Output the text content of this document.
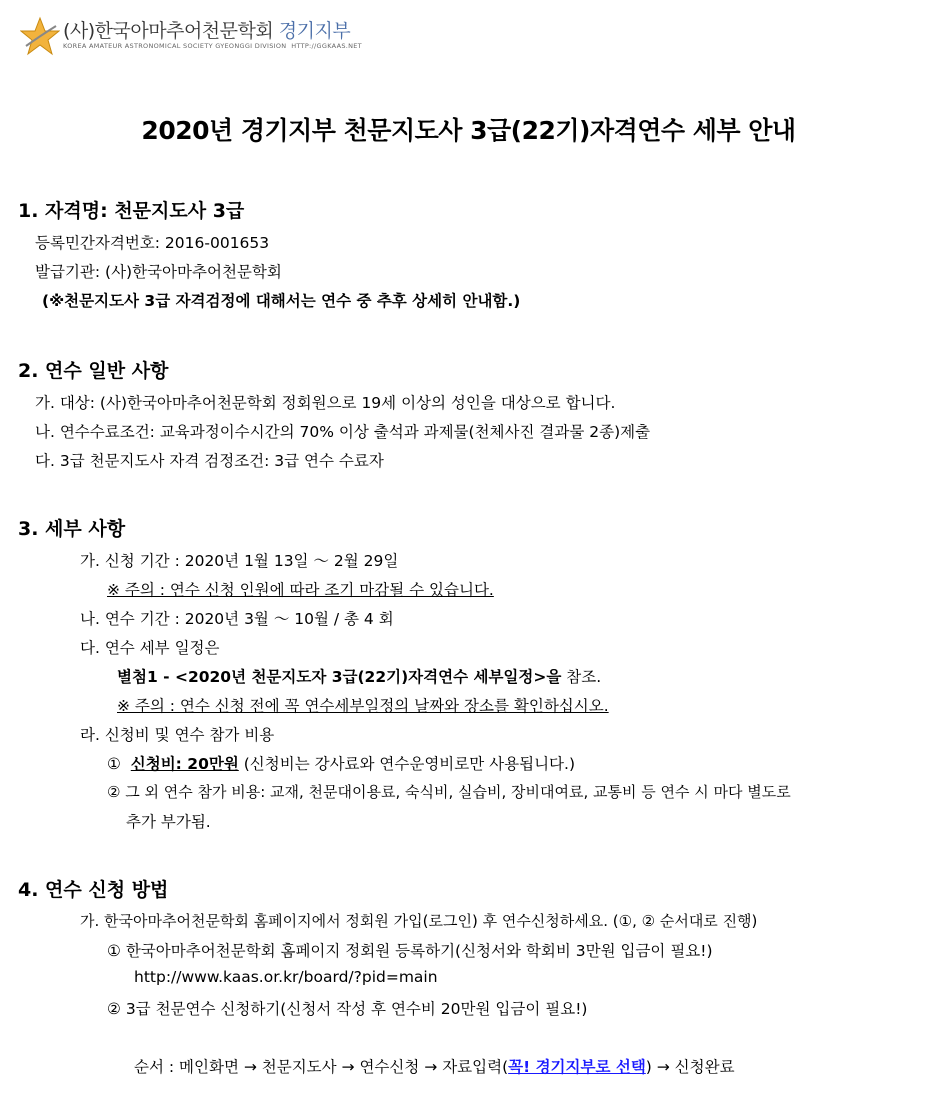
(사)한국아마추어천문학회 경기지부
KOREA AMATEUR ASTRONOMICAL SOCIETY GYEONGGI DIVISION HTTP://GGKAAS.NET
2020년 경기지부 천문지도사 3급(22기)자격연수 세부 안내
1. 자격명: 천문지도사 3급
등록민간자격번호: 2016-001653
발급기관: (사)한국아마추어천문학회
(※천문지도사 3급 자격검정에 대해서는 연수 중 추후 상세히 안내함.)
2. 연수 일반 사항
가. 대상: (사)한국아마추어천문학회 정회원으로 19세 이상의 성인을 대상으로 합니다.
나. 연수수료조건: 교육과정이수시간의 70% 이상 출석과 과제물(천체사진 결과물 2종)제출
다. 3급 천문지도사 자격 검정조건: 3급 연수 수료자
3. 세부 사항
가. 신청 기간 : 2020년 1월 13일 ～ 2월 29일
※ 주의 : 연수 신청 인원에 따라 조기 마감될 수 있습니다.
나. 연수 기간 : 2020년 3월 ～ 10월 / 총 4 회
다. 연수 세부 일정은
별첨1 - <2020년 천문지도자 3급(22기)자격연수 세부일정>을 참조.
※ 주의 : 연수 신청 전에 꼭 연수세부일정의 날짜와 장소를 확인하십시오.
라. 신청비 및 연수 참가 비용
① 신청비: 20만원 (신청비는 강사료와 연수운영비로만 사용됩니다.)
② 그 외 연수 참가 비용: 교재, 천문대이용료, 숙식비, 실습비, 장비대여료, 교통비 등 연수 시 마다 별도로
추가 부가됨.
4. 연수 신청 방법
가. 한국아마추어천문학회 홈페이지에서 정회원 가입(로그인) 후 연수신청하세요. (①, ② 순서대로 진행)
① 한국아마추어천문학회 홈페이지 정회원 등록하기(신청서와 학회비 3만원 입금이 필요!)
http://www.kaas.or.kr/board/?pid=main
② 3급 천문연수 신청하기(신청서 작성 후 연수비 20만원 입금이 필요!)
순서 : 메인화면 → 천문지도사 → 연수신청 → 자료입력(꼭! 경기지부로 선택) → 신청완료
